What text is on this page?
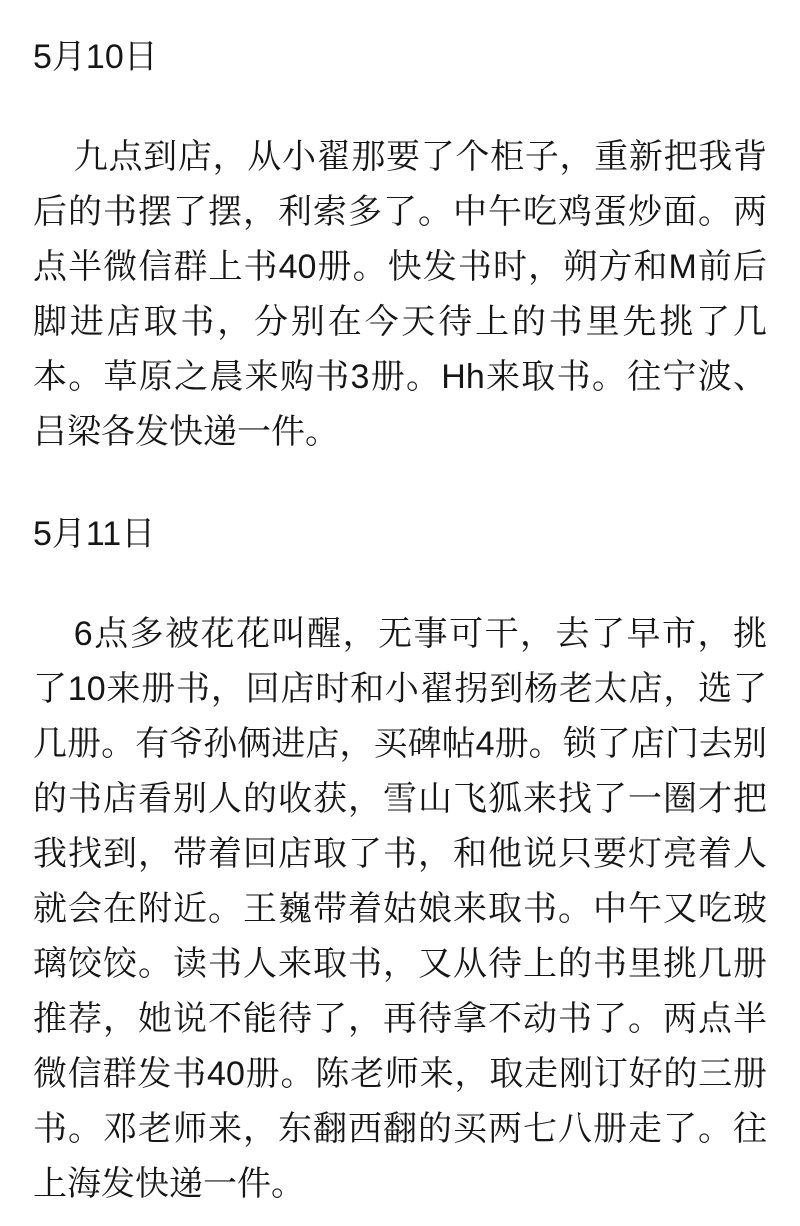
5月10日

九点到店，从小翟那要了个柜子，重新把我背后的书摆了摆，利索多了。中午吃鸡蛋炒面。两点半微信群上书40册。快发书时，朔方和M前后脚进店取书，分别在今天待上的书里先挑了几本。草原之晨来购书3册。Hh来取书。往宁波、吕梁各发快递一件。

5月11日

6点多被花花叫醒，无事可干，去了早市，挑了10来册书，回店时和小翟拐到杨老太店，选了几册。有爷孙俩进店，买碑帖4册。锁了店门去别的书店看别人的收获，雪山飞狐来找了一圈才把我找到，带着回店取了书，和他说只要灯亮着人就会在附近。王巍带着姑娘来取书。中午又吃玻璃饺饺。读书人来取书，又从待上的书里挑几册推荐，她说不能待了，再待拿不动书了。两点半微信群发书40册。陈老师来，取走刚订好的三册书。邓老师来，东翻西翻的买两七八册走了。往上海发快递一件。
